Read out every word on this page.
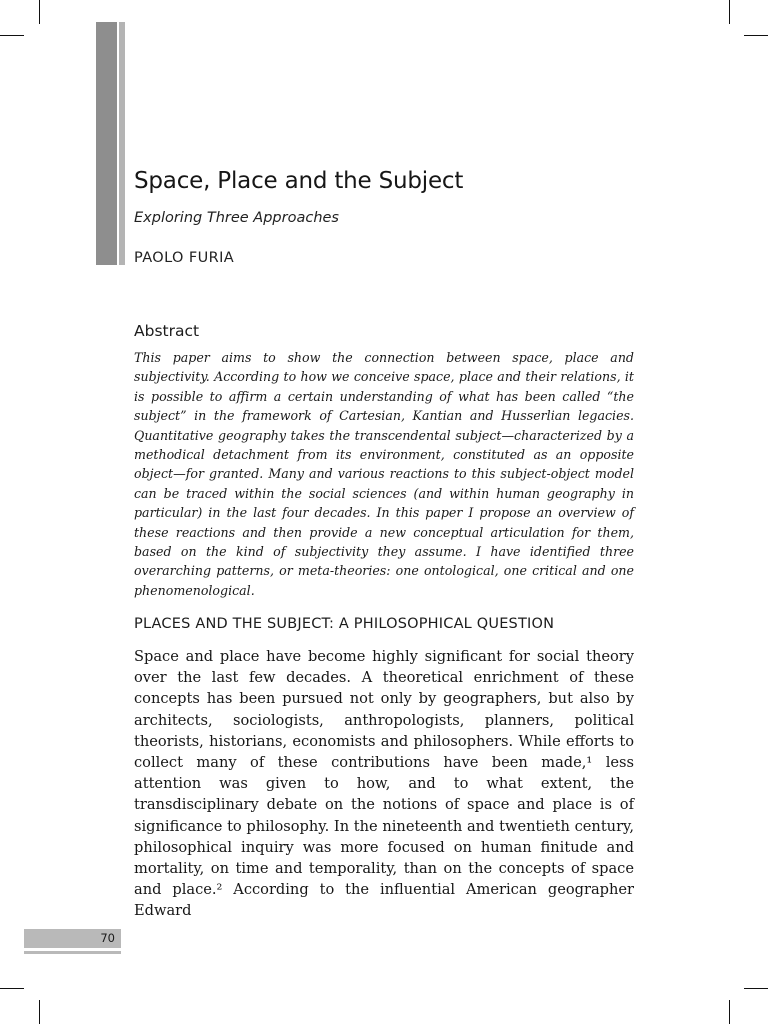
Space, Place and the Subject
Exploring Three Approaches
PAOLO FURIA
Abstract
This paper aims to show the connection between space, place and subjectivity. According to how we conceive space, place and their relations, it is possible to affirm a certain understanding of what has been called “the subject” in the framework of Cartesian, Kantian and Husserlian legacies. Quantitative geography takes the transcendental subject—characterized by a methodical detachment from its environment, constituted as an opposite object—for granted. Many and various reactions to this subject-object model can be traced within the social sciences (and within human geography in particular) in the last four decades. In this paper I propose an overview of these reactions and then provide a new conceptual articulation for them, based on the kind of subjectivity they assume. I have identified three overarching patterns, or meta-theories: one ontological, one critical and one phenomenological.
PLACES AND THE SUBJECT: A PHILOSOPHICAL QUESTION
Space and place have become highly significant for social theory over the last few decades. A theoretical enrichment of these concepts has been pursued not only by geographers, but also by architects, sociologists, anthropologists, planners, political theorists, historians, economists and philosophers. While efforts to collect many of these contributions have been made,¹ less attention was given to how, and to what extent, the transdisciplinary debate on the notions of space and place is of significance to philosophy. In the nineteenth and twentieth century, philosophical inquiry was more focused on human finitude and mortality, on time and temporality, than on the concepts of space and place.² According to the influential American geographer Edward
70
